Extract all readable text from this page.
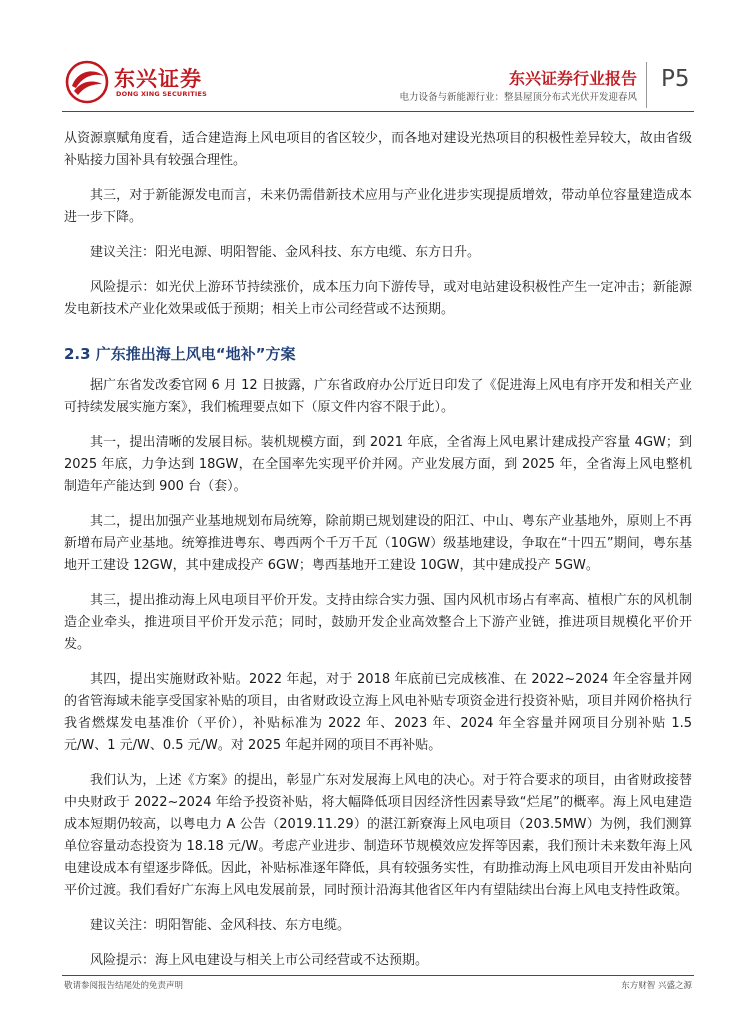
东兴证券
DONG XING SECURITIES
东兴证券行业报告
电力设备与新能源行业：整县屋顶分布式光伏开发迎春风
P5

从资源禀赋角度看，适合建造海上风电项目的省区较少，而各地对建设光热项目的积极性差异较大，故由省级补贴接力国补具有较强合理性。

其三，对于新能源发电而言，未来仍需借新技术应用与产业化进步实现提质增效，带动单位容量建造成本进一步下降。

建议关注：阳光电源、明阳智能、金风科技、东方电缆、东方日升。

风险提示：如光伏上游环节持续涨价，成本压力向下游传导，或对电站建设积极性产生一定冲击；新能源发电新技术产业化效果或低于预期；相关上市公司经营或不达预期。

2.3 广东推出海上风电“地补”方案

据广东省发改委官网 6 月 12 日披露，广东省政府办公厅近日印发了《促进海上风电有序开发和相关产业可持续发展实施方案》，我们梳理要点如下（原文件内容不限于此）。

其一，提出清晰的发展目标。装机规模方面，到 2021 年底，全省海上风电累计建成投产容量 4GW；到 2025 年底，力争达到 18GW，在全国率先实现平价并网。产业发展方面，到 2025 年，全省海上风电整机制造年产能达到 900 台（套）。

其二，提出加强产业基地规划布局统筹，除前期已规划建设的阳江、中山、粤东产业基地外，原则上不再新增布局产业基地。统筹推进粤东、粤西两个千万千瓦（10GW）级基地建设，争取在“十四五”期间，粤东基地开工建设 12GW，其中建成投产 6GW；粤西基地开工建设 10GW，其中建成投产 5GW。

其三，提出推动海上风电项目平价开发。支持由综合实力强、国内风机市场占有率高、植根广东的风机制造企业牵头，推进项目平价开发示范；同时，鼓励开发企业高效整合上下游产业链，推进项目规模化平价开发。

其四，提出实施财政补贴。2022 年起，对于 2018 年底前已完成核准、在 2022~2024 年全容量并网的省管海域未能享受国家补贴的项目，由省财政设立海上风电补贴专项资金进行投资补贴，项目并网价格执行我省燃煤发电基准价（平价），补贴标准为 2022 年、2023 年、2024 年全容量并网项目分别补贴 1.5 元/W、1 元/W、0.5 元/W。对 2025 年起并网的项目不再补贴。

我们认为，上述《方案》的提出，彰显广东对发展海上风电的决心。对于符合要求的项目，由省财政接替中央财政于 2022~2024 年给予投资补贴，将大幅降低项目因经济性因素导致“烂尾”的概率。海上风电建造成本短期仍较高，以粤电力 A 公告（2019.11.29）的湛江新寮海上风电项目（203.5MW）为例，我们测算单位容量动态投资为 18.18 元/W。考虑产业进步、制造环节规模效应发挥等因素，我们预计未来数年海上风电建设成本有望逐步降低。因此，补贴标准逐年降低，具有较强务实性，有助推动海上风电项目开发由补贴向平价过渡。我们看好广东海上风电发展前景，同时预计沿海其他省区年内有望陆续出台海上风电支持性政策。

建议关注：明阳智能、金风科技、东方电缆。

风险提示：海上风电建设与相关上市公司经营或不达预期。

敬请参阅报告结尾处的免责声明	东方财智 兴盛之源
